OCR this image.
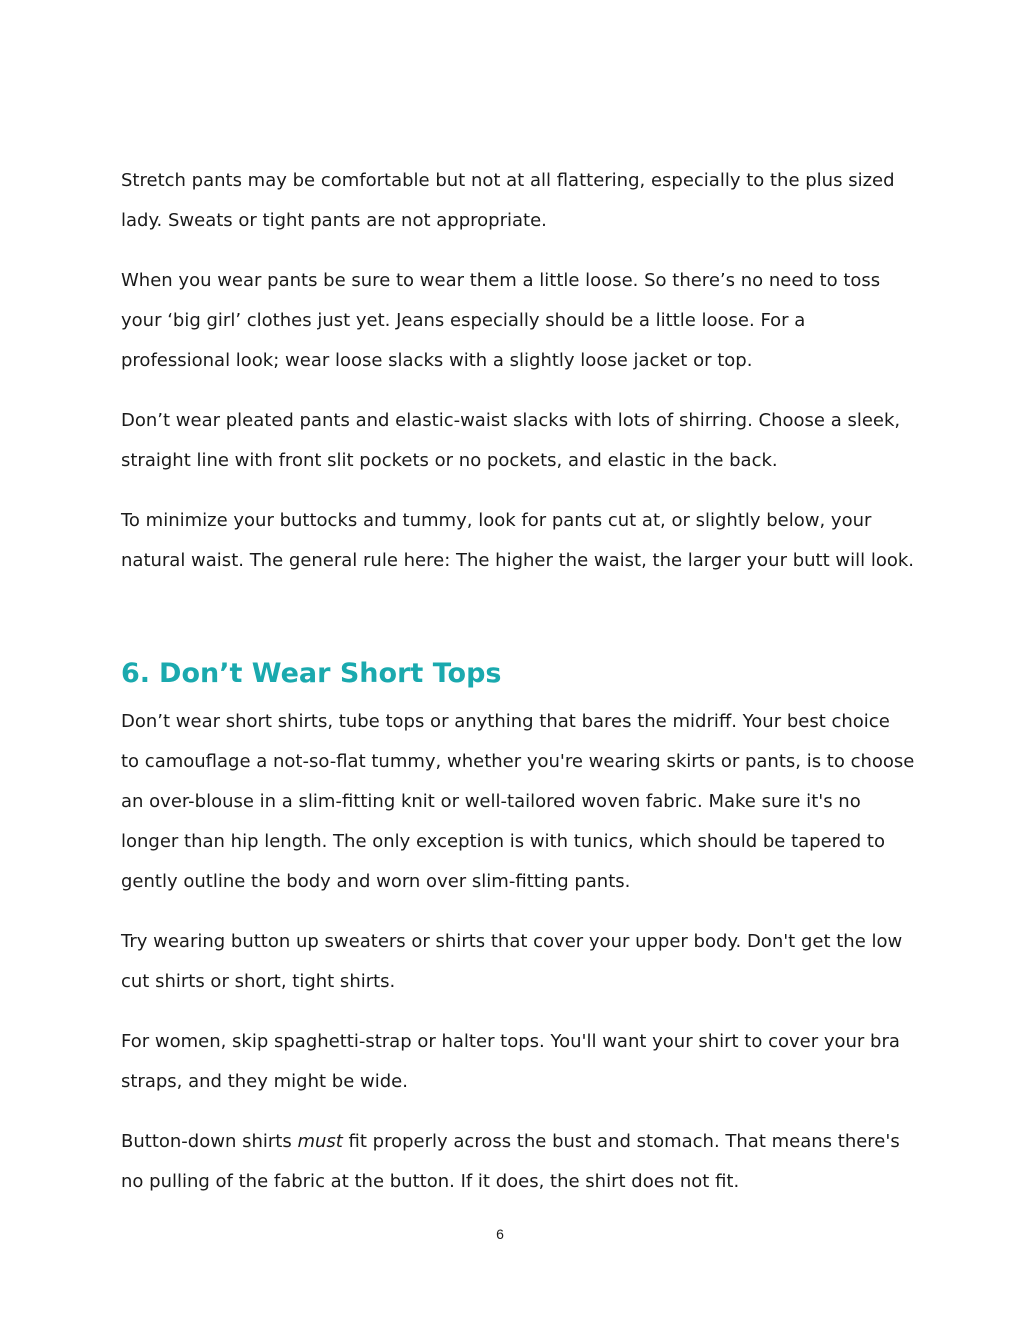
Stretch pants may be comfortable but not at all flattering, especially to the plus sized
lady. Sweats or tight pants are not appropriate.

When you wear pants be sure to wear them a little loose. So there’s no need to toss
your ‘big girl’ clothes just yet. Jeans especially should be a little loose. For a
professional look; wear loose slacks with a slightly loose jacket or top.

Don’t wear pleated pants and elastic-waist slacks with lots of shirring. Choose a sleek,
straight line with front slit pockets or no pockets, and elastic in the back.

To minimize your buttocks and tummy, look for pants cut at, or slightly below, your
natural waist. The general rule here: The higher the waist, the larger your butt will look.

6. Don’t Wear Short Tops

Don’t wear short shirts, tube tops or anything that bares the midriff. Your best choice
to camouflage a not-so-flat tummy, whether you're wearing skirts or pants, is to choose
an over-blouse in a slim-fitting knit or well-tailored woven fabric. Make sure it's no
longer than hip length. The only exception is with tunics, which should be tapered to
gently outline the body and worn over slim-fitting pants.

Try wearing button up sweaters or shirts that cover your upper body. Don't get the low
cut shirts or short, tight shirts.

For women, skip spaghetti-strap or halter tops. You'll want your shirt to cover your bra
straps, and they might be wide.

Button-down shirts must fit properly across the bust and stomach. That means there's
no pulling of the fabric at the button. If it does, the shirt does not fit.

6
